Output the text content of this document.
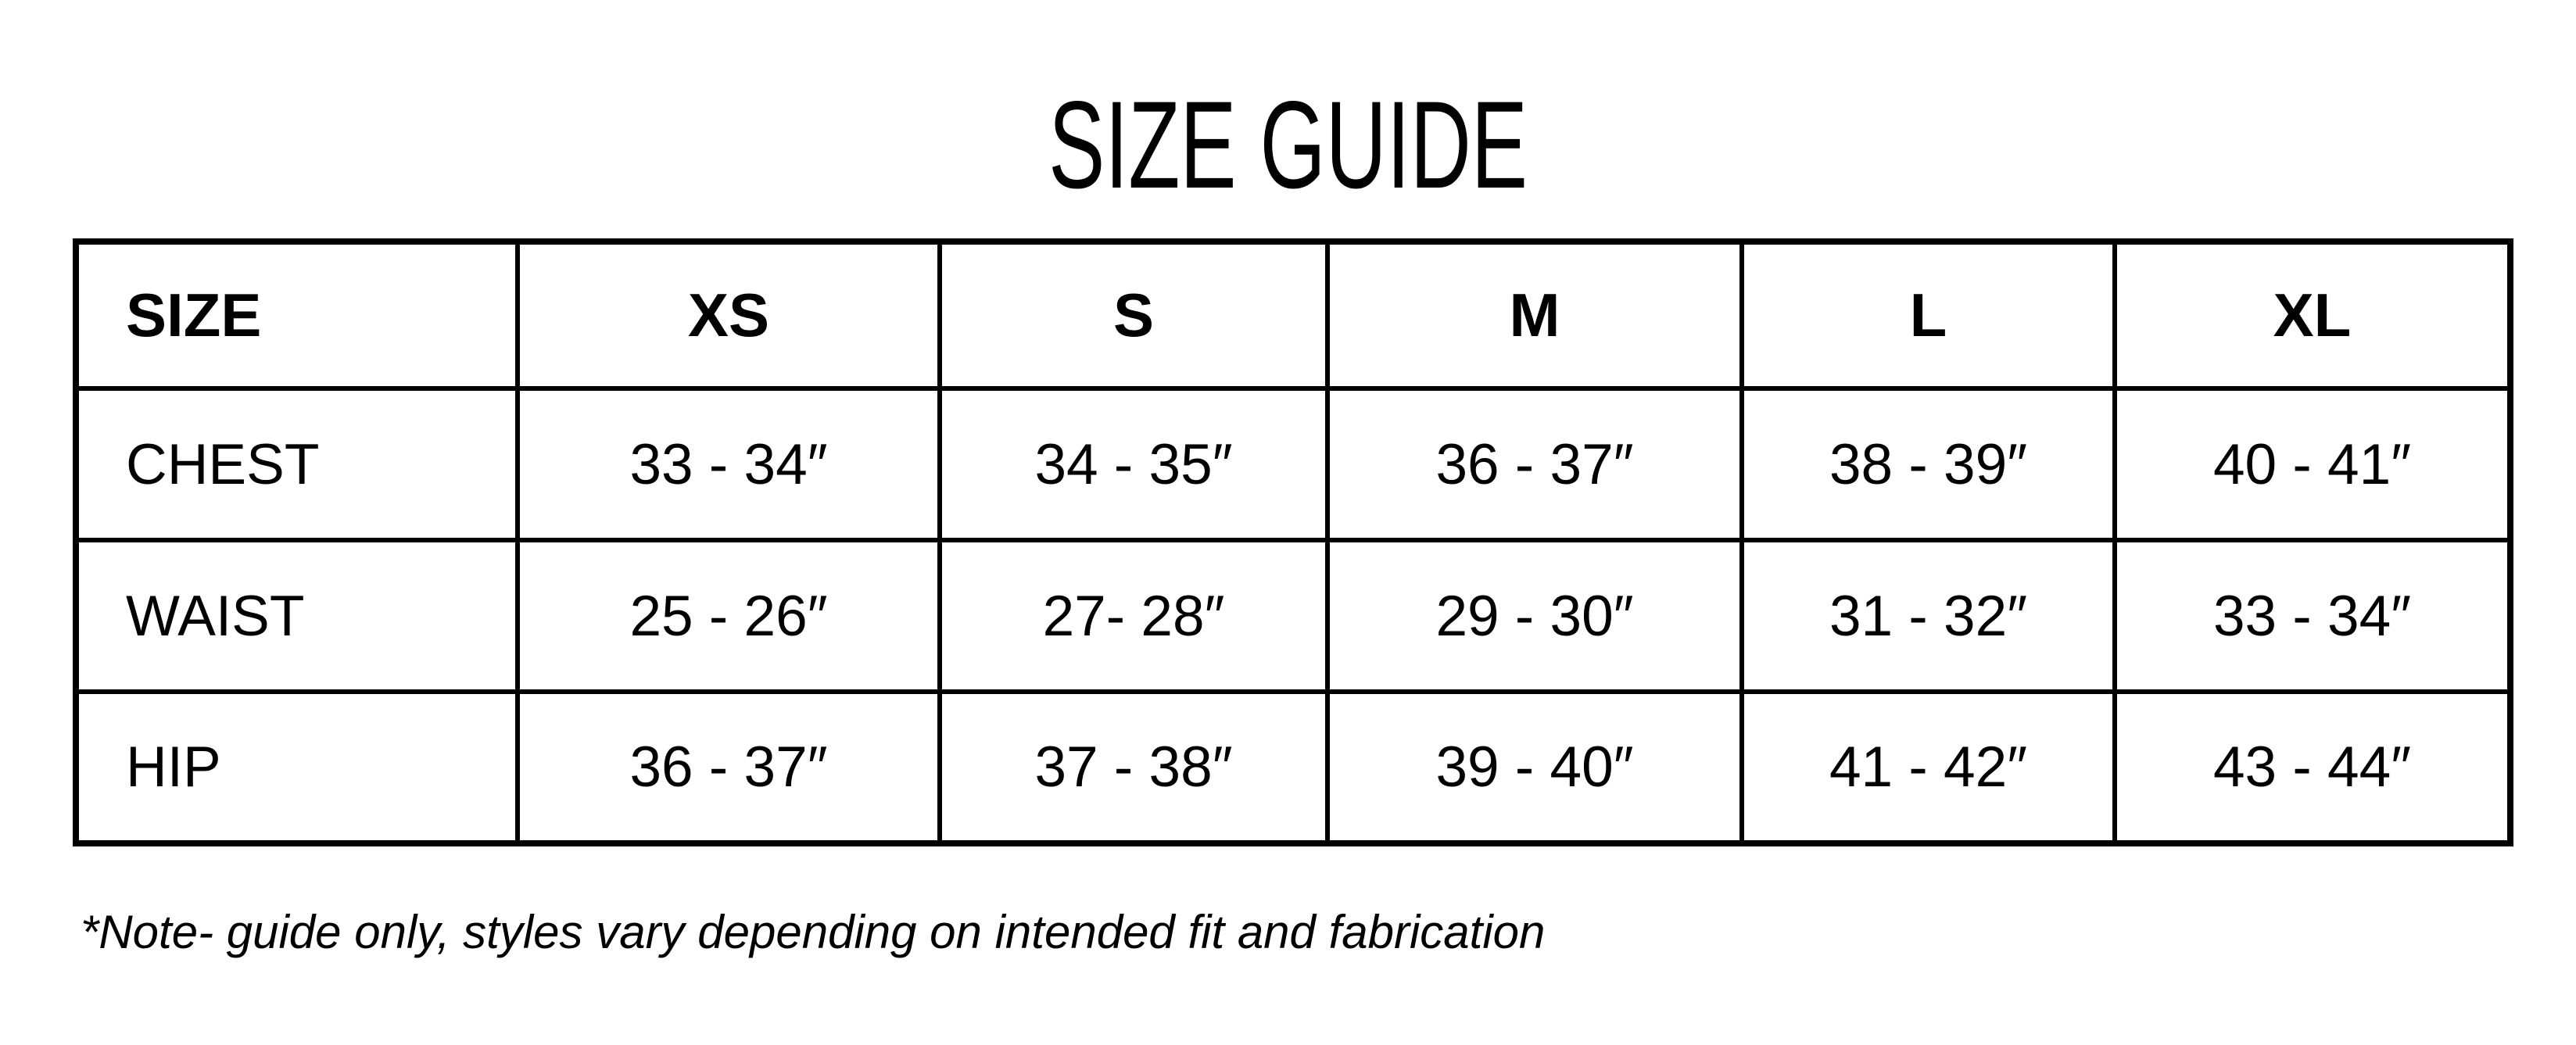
SIZE GUIDE
SIZE	XS	S	M	L	XL
CHEST	33 - 34″	34 - 35″	36 - 37″	38 - 39″	40 - 41″
WAIST	25 - 26″	27- 28″	29 - 30″	31 - 32″	33 - 34″
HIP	36 - 37″	37 - 38″	39 - 40″	41 - 42″	43 - 44″

*Note- guide only, styles vary depending on intended fit and fabrication
